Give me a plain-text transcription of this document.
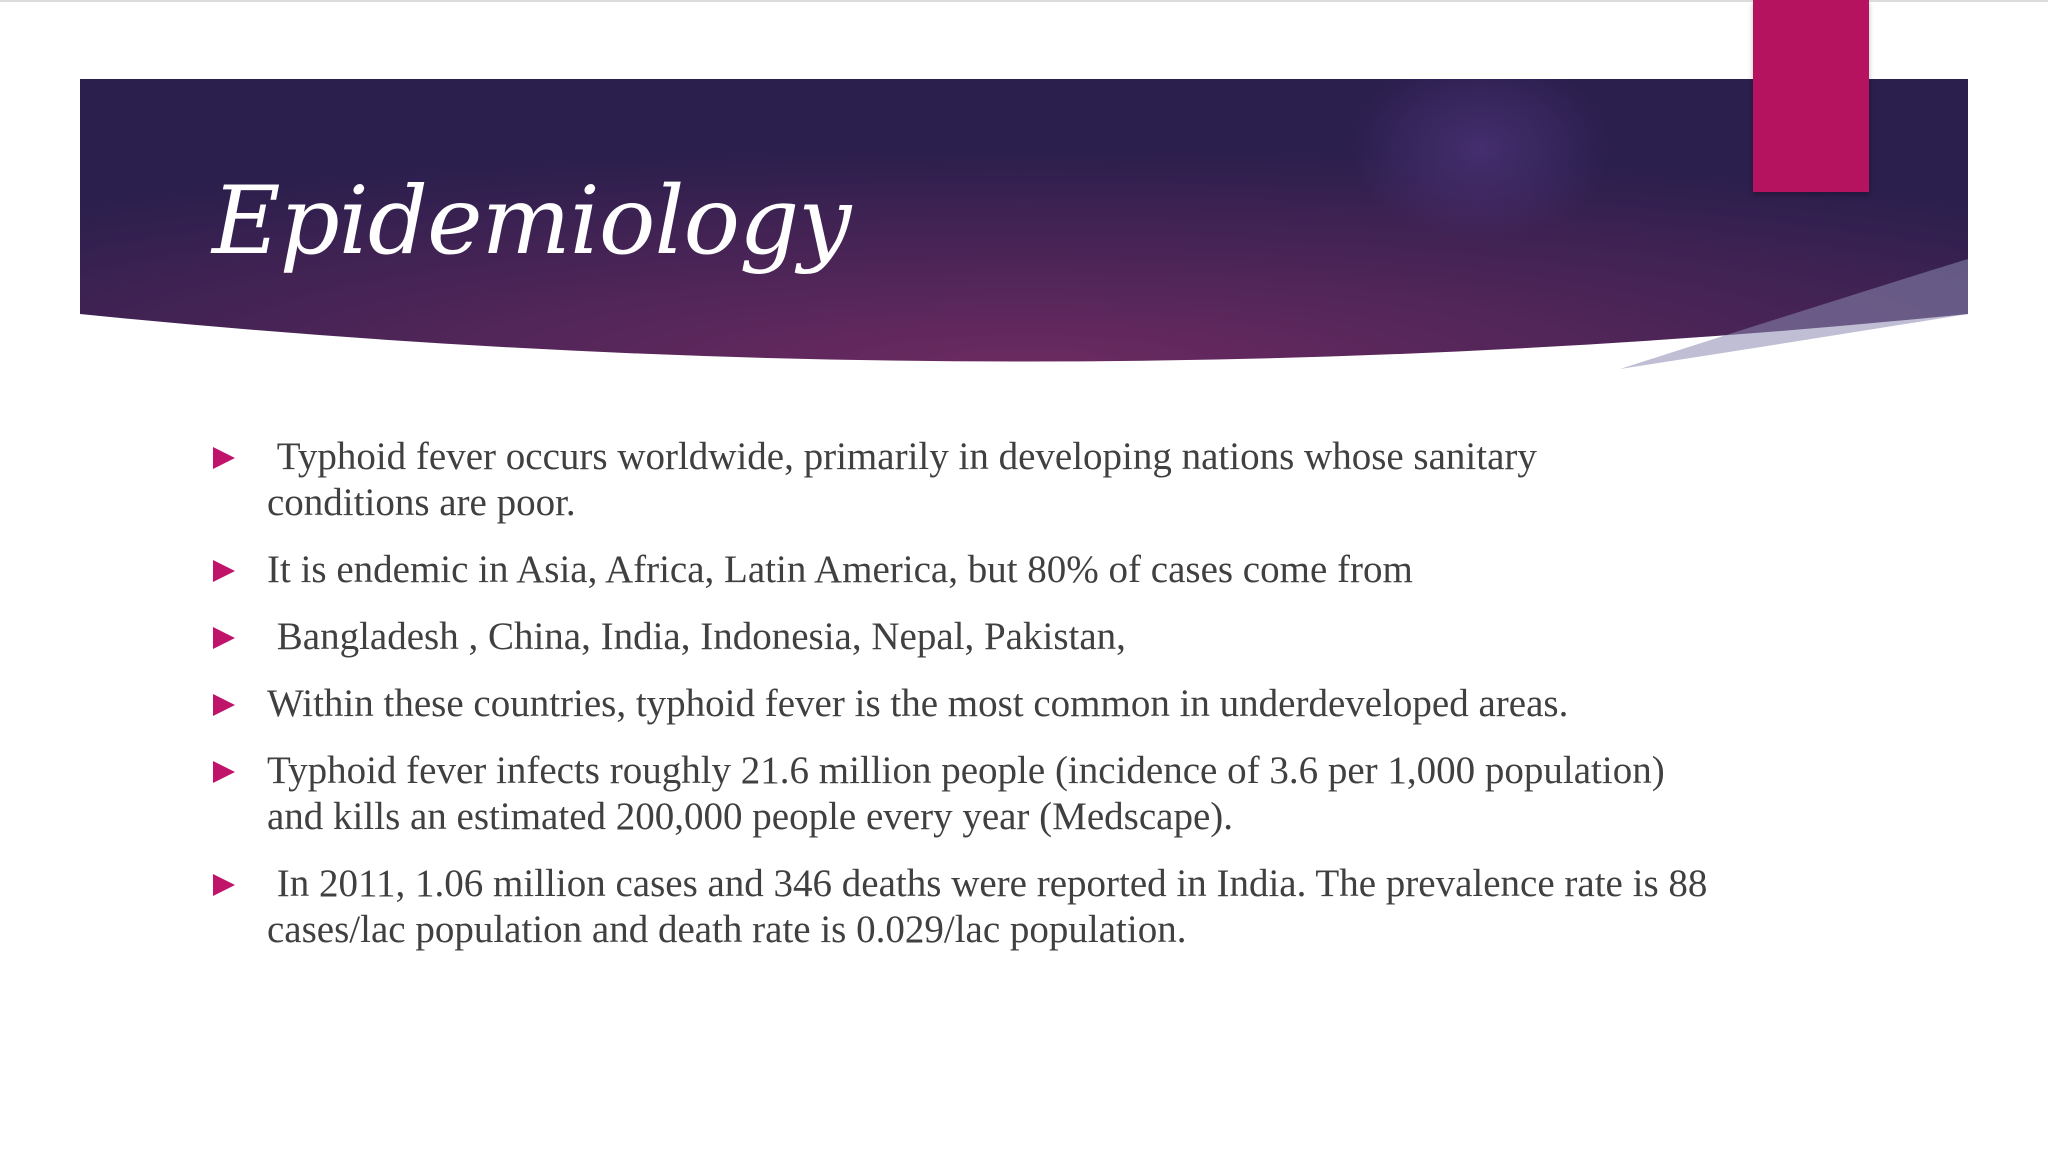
Epidemiology
Typhoid fever occurs worldwide, primarily in developing nations whose sanitary conditions are poor.
It is endemic in Asia, Africa, Latin America, but 80% of cases come from
Bangladesh , China, India, Indonesia, Nepal, Pakistan,
Within these countries, typhoid fever is the most common in underdeveloped areas.
Typhoid fever infects roughly 21.6 million people (incidence of 3.6 per 1,000 population) and kills an estimated 200,000 people every year (Medscape).
In 2011, 1.06 million cases and 346 deaths were reported in India. The prevalence rate is 88 cases/lac population and death rate is 0.029/lac population.
